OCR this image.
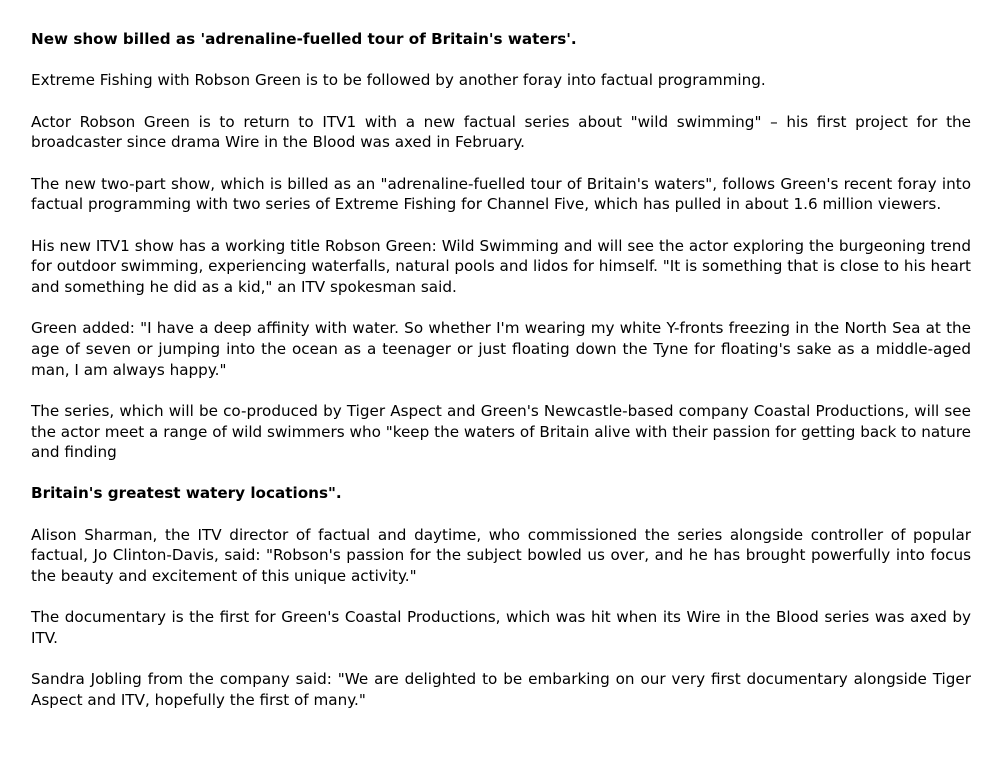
New show billed as 'adrenaline-fuelled tour of Britain's waters'.

Extreme Fishing with Robson Green is to be followed by another foray into factual programming.

Actor Robson Green is to return to ITV1 with a new factual series about "wild swimming" – his first project for the broadcaster since drama Wire in the Blood was axed in February.

The new two-part show, which is billed as an "adrenaline-fuelled tour of Britain's waters", follows Green's recent foray into factual programming with two series of Extreme Fishing for Channel Five, which has pulled in about 1.6 million viewers.

His new ITV1 show has a working title Robson Green: Wild Swimming and will see the actor exploring the burgeoning trend for outdoor swimming, experiencing waterfalls, natural pools and lidos for himself. "It is something that is close to his heart and something he did as a kid," an ITV spokesman said.

Green added: "I have a deep affinity with water. So whether I'm wearing my white Y-fronts freezing in the North Sea at the age of seven or jumping into the ocean as a teenager or just floating down the Tyne for floating's sake as a middle-aged man, I am always happy."

The series, which will be co-produced by Tiger Aspect and Green's Newcastle-based company Coastal Productions, will see the actor meet a range of wild swimmers who "keep the waters of Britain alive with their passion for getting back to nature and finding

Britain's greatest watery locations".

Alison Sharman, the ITV director of factual and daytime, who commissioned the series alongside controller of popular factual, Jo Clinton-Davis, said: "Robson's passion for the subject bowled us over, and he has brought powerfully into focus the beauty and excitement of this unique activity."

The documentary is the first for Green's Coastal Productions, which was hit when its Wire in the Blood series was axed by ITV.

Sandra Jobling from the company said: "We are delighted to be embarking on our very first documentary alongside Tiger Aspect and ITV, hopefully the first of many."
